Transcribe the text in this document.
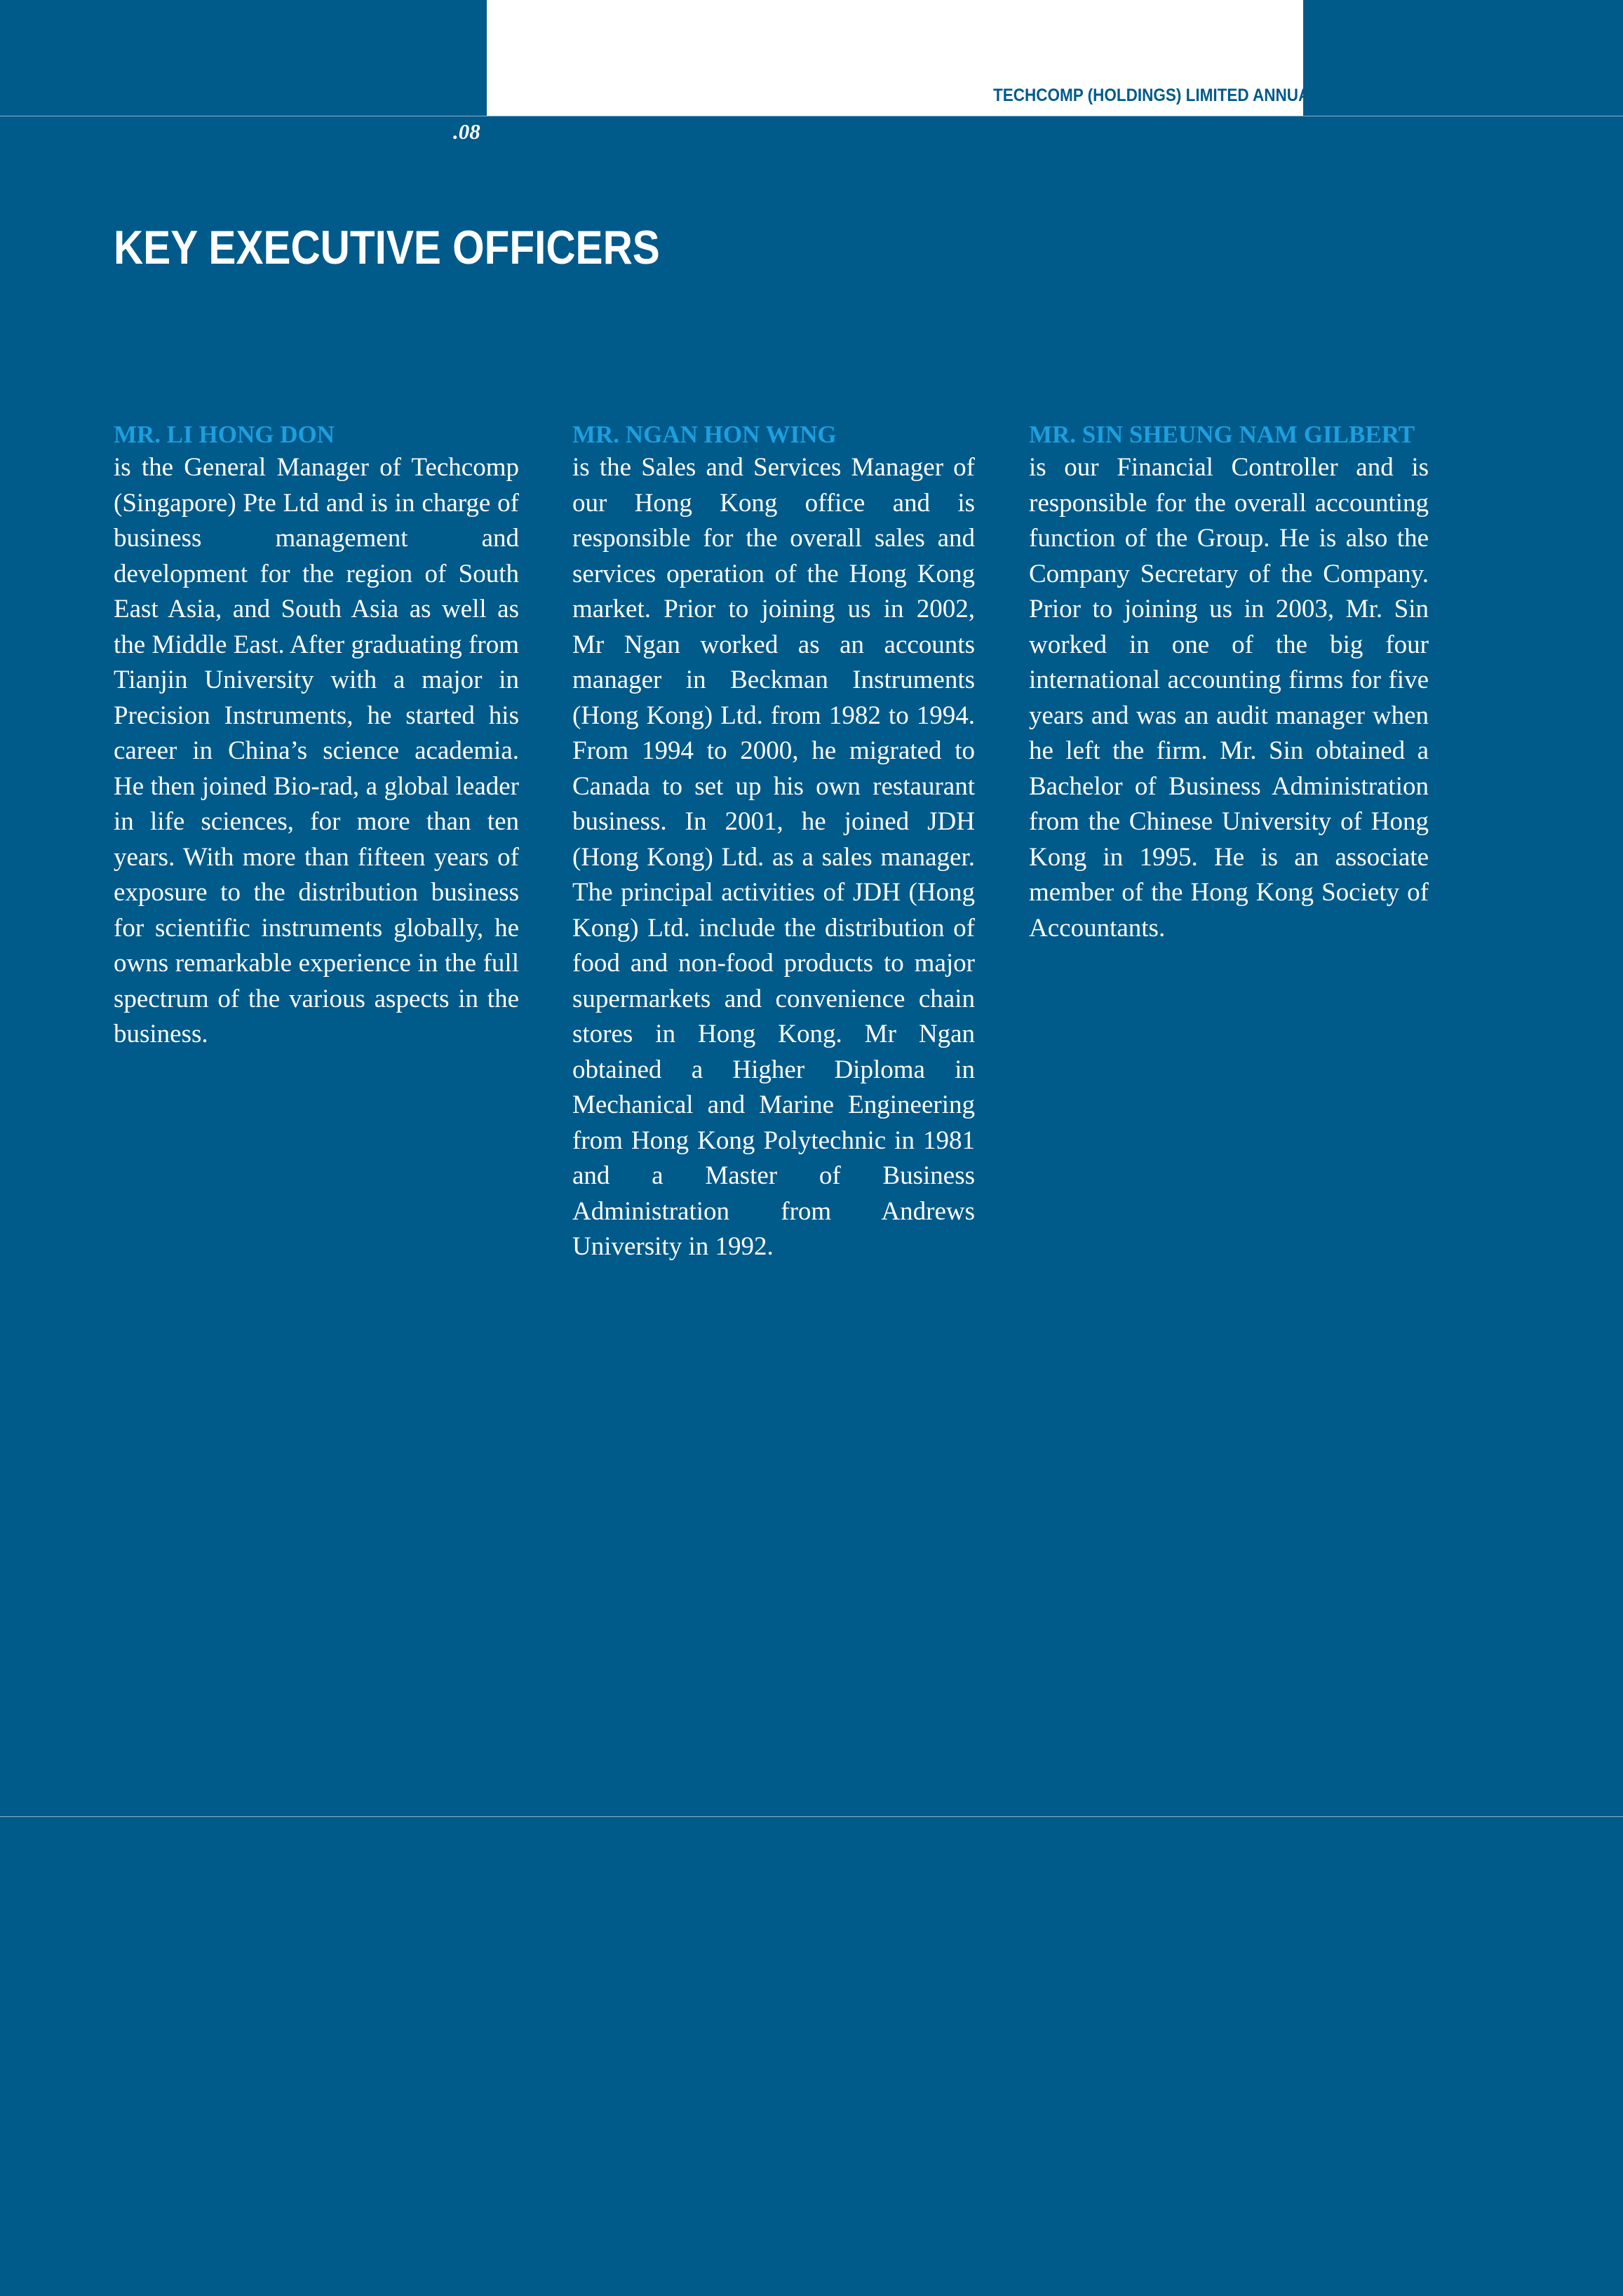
TECHCOMP (HOLDINGS) LIMITED ANNUAL REPORT 2005
.08
KEY EXECUTIVE OFFICERS

MR. LI HONG DON

is the General Manager of Techcomp (Singapore) Pte Ltd and is in charge of business management and development for the region of South East Asia, and South Asia as well as the Middle East. After graduating from Tianjin University with a major in Precision Instruments, he started his career in China’s science academia. He then joined Bio-rad, a global leader in life sciences, for more than ten years. With more than fifteen years of exposure to the distribution business for scientific instruments globally, he owns remarkable experience in the full spectrum of the various aspects in the business.

MR. NGAN HON WING

is the Sales and Services Manager of our Hong Kong office and is responsible for the overall sales and services operation of the Hong Kong market. Prior to joining us in 2002, Mr Ngan worked as an accounts manager in Beckman Instruments (Hong Kong) Ltd. from 1982 to 1994. From 1994 to 2000, he migrated to Canada to set up his own restaurant business. In 2001, he joined JDH (Hong Kong) Ltd. as a sales manager. The principal activities of JDH (Hong Kong) Ltd. include the distribution of food and non-food products to major supermarkets and convenience chain stores in Hong Kong. Mr Ngan obtained a Higher Diploma in Mechanical and Marine Engineering from Hong Kong Polytechnic in 1981 and a Master of Business Administration from Andrews University in 1992.

MR. SIN SHEUNG NAM GILBERT

is our Financial Controller and is responsible for the overall accounting function of the Group. He is also the Company Secretary of the Company. Prior to joining us in 2003, Mr. Sin worked in one of the big four international accounting firms for five years and was an audit manager when he left the firm. Mr. Sin obtained a Bachelor of Business Administration from the Chinese University of Hong Kong in 1995. He is an associate member of the Hong Kong Society of Accountants.
